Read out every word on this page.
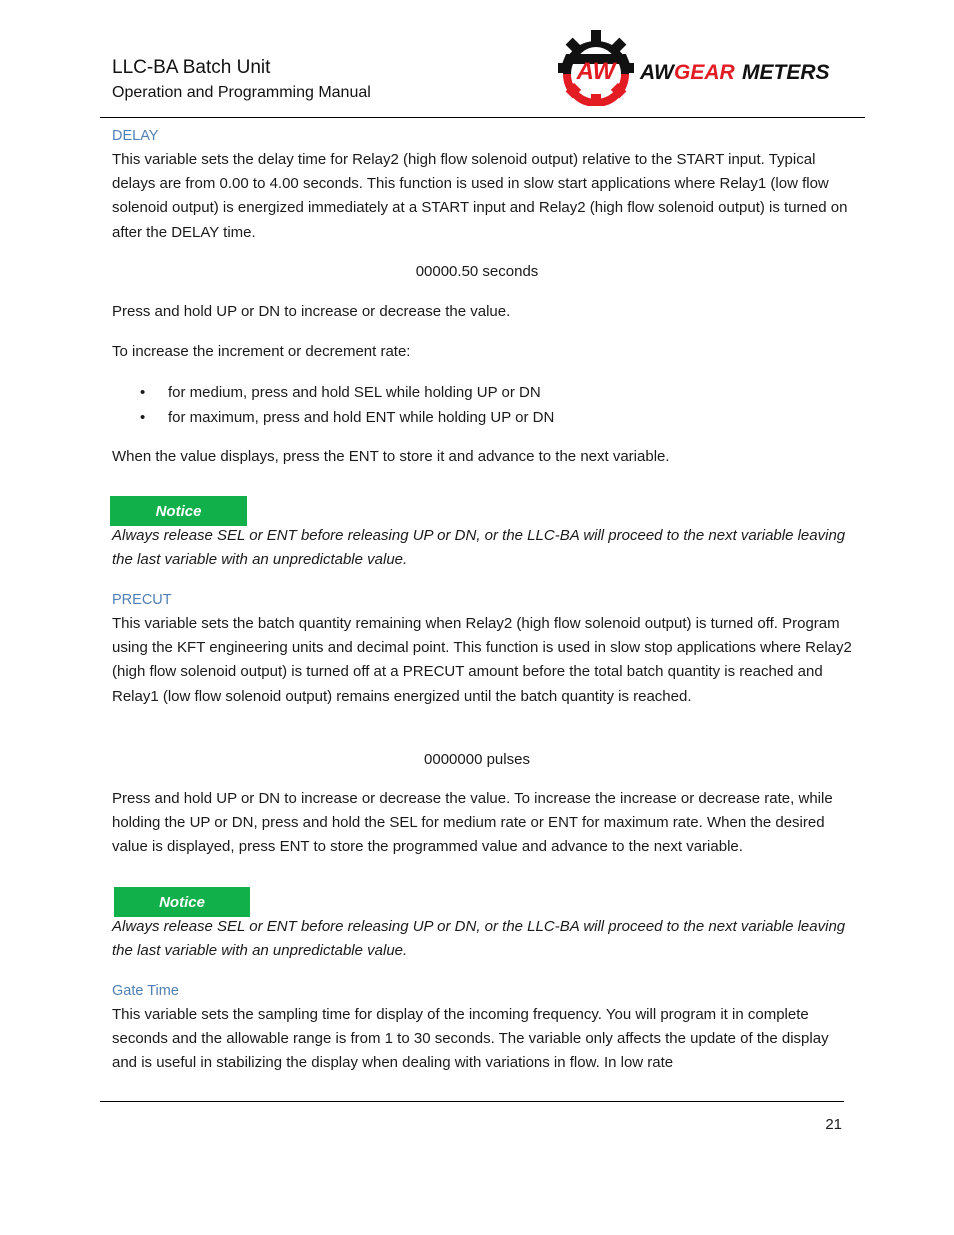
LLC-BA Batch Unit
Operation and Programming Manual
AW AW GEAR METERS
DELAY
This variable sets the delay time for Relay2 (high flow solenoid output) relative to the START input. Typical delays are from 0.00 to 4.00 seconds. This function is used in slow start applications where Relay1 (low flow solenoid output) is energized immediately at a START input and Relay2 (high flow solenoid output) is turned on after the DELAY time.
00000.50 seconds
Press and hold UP or DN to increase or decrease the value.
To increase the increment or decrement rate:
• for medium, press and hold SEL while holding UP or DN
• for maximum, press and hold ENT while holding UP or DN
When the value displays, press the ENT to store it and advance to the next variable.
Notice
Always release SEL or ENT before releasing UP or DN, or the LLC-BA will proceed to the next variable leaving the last variable with an unpredictable value.
PRECUT
This variable sets the batch quantity remaining when Relay2 (high flow solenoid output) is turned off. Program using the KFT engineering units and decimal point. This function is used in slow stop applications where Relay2 (high flow solenoid output) is turned off at a PRECUT amount before the total batch quantity is reached and Relay1 (low flow solenoid output) remains energized until the batch quantity is reached.
0000000 pulses
Press and hold UP or DN to increase or decrease the value. To increase the increase or decrease rate, while holding the UP or DN, press and hold the SEL for medium rate or ENT for maximum rate. When the desired value is displayed, press ENT to store the programmed value and advance to the next variable.
Notice
Always release SEL or ENT before releasing UP or DN, or the LLC-BA will proceed to the next variable leaving the last variable with an unpredictable value.
Gate Time
This variable sets the sampling time for display of the incoming frequency. You will program it in complete seconds and the allowable range is from 1 to 30 seconds. The variable only affects the update of the display and is useful in stabilizing the display when dealing with variations in flow. In low rate
21
